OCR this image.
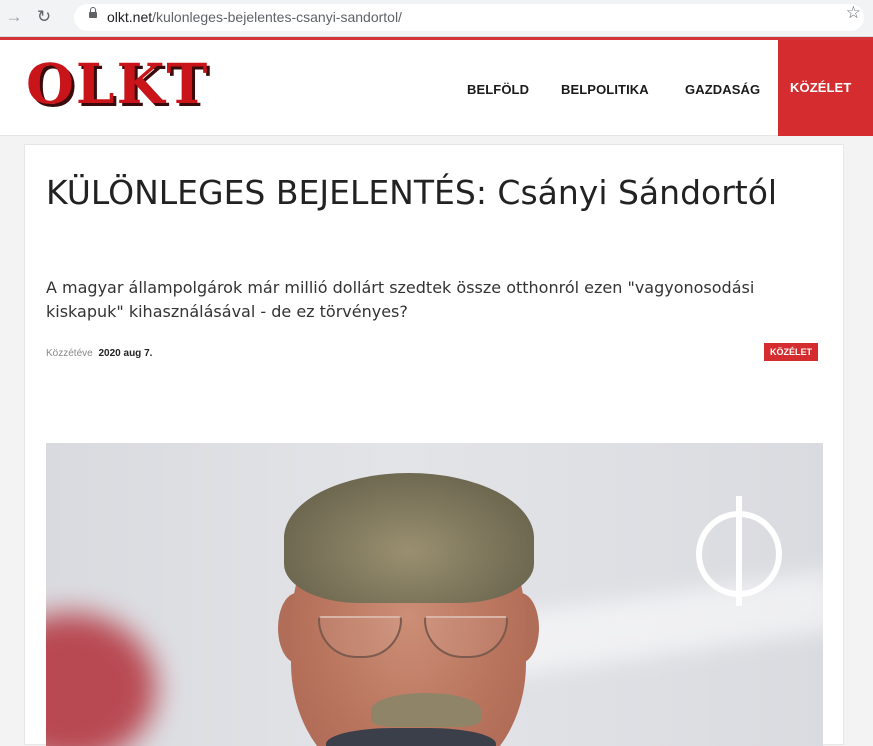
→ ↻	olkt.net/kulonleges-bejelentes-csanyi-sandortol/	☆
OLKT	BELFÖLD BELPOLITIKA	GAZDASÁG	KÖZÉLET
KÜLÖNLEGES BEJELENTÉS: Csányi Sándortól

A magyar állampolgárok már millió dollárt szedtek össze otthonról ezen "vagyonosodási kiskapuk" kihasználásával - de ez törvényes?

Közzétéve 2020 aug 7.	KÖZÉLET
